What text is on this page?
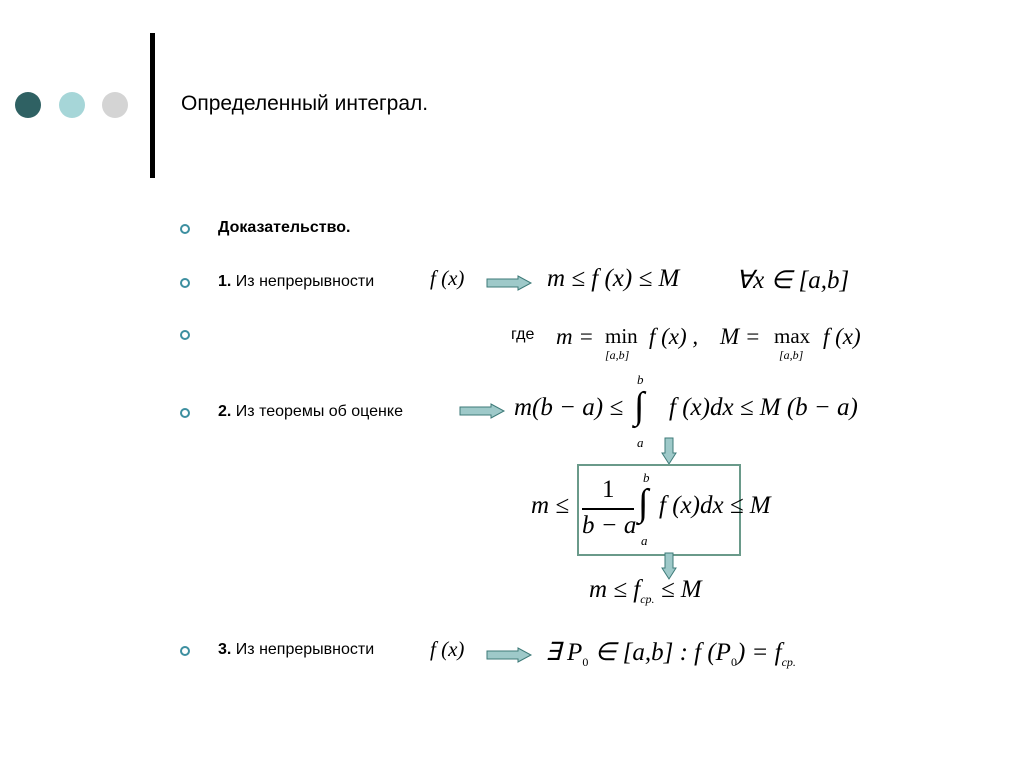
Определенный интеграл.
Доказательство.
1. Из непрерывности
2. Из теоремы об оценке
3. Из непрерывности
f (x)	m ≤ f (x) ≤ M ∀x ∈ [a,b]
где m = min
[a,b]
f (x) , M = max
[a,b]
f (x)
m(b − a) ≤
b
∫
a
f (x)dx ≤ M (b − a)
m ≤
1
b − a
b
∫
a
f (x)dx ≤ M
$m \le f_{cp.} \le M$
f (x)	∃ $P_0$ ∈ [a,b] : f $(P_0) = f_{cp.}$
